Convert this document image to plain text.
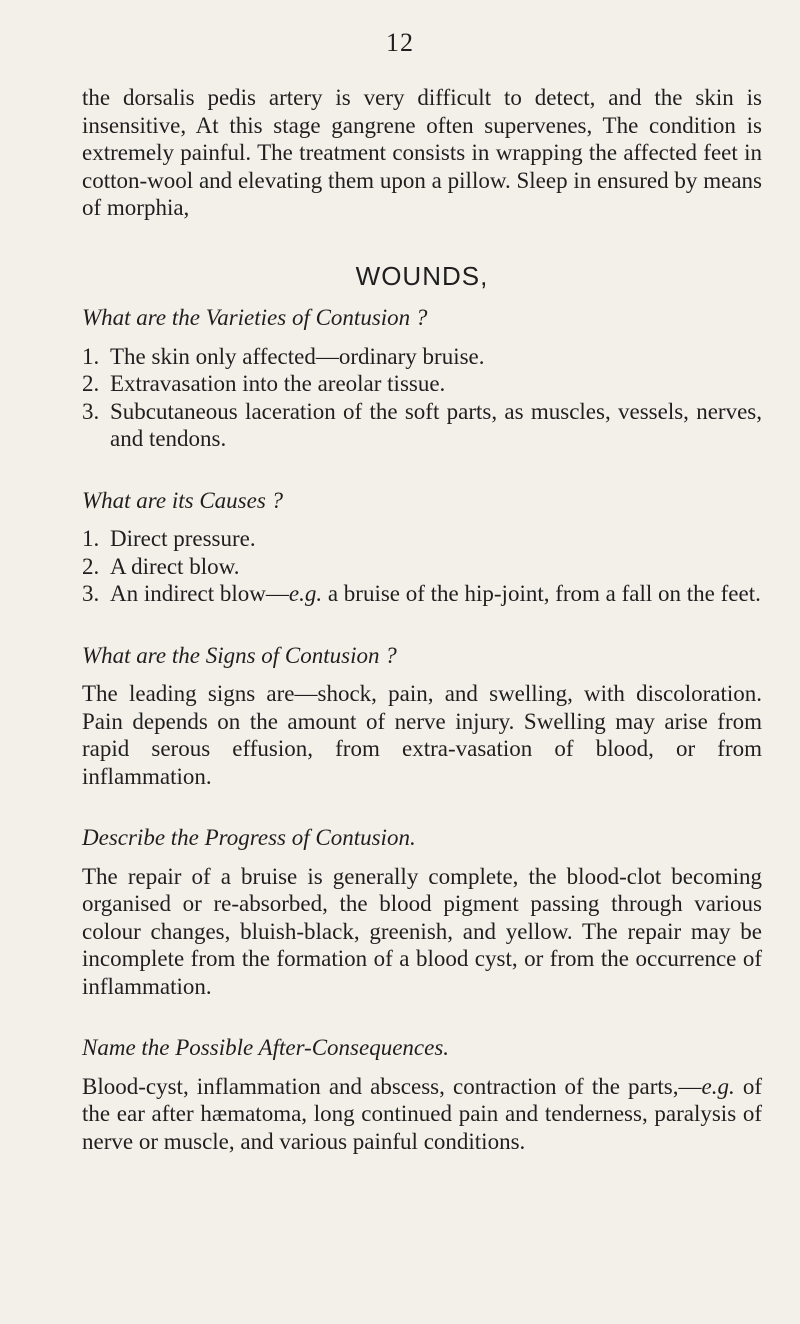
12

the dorsalis pedis artery is very difficult to detect, and the skin is insensitive, At this stage gangrene often supervenes, The condition is extremely painful. The treatment consists in wrapping the affected feet in cotton-wool and elevating them upon a pillow. Sleep in ensured by means of morphia,

WOUNDS,
What are the Varieties of Contusion ?
1. The skin only affected—ordinary bruise.
2. Extravasation into the areolar tissue.
3. Subcutaneous laceration of the soft parts, as muscles, vessels, nerves, and tendons.
What are its Causes ?
1. Direct pressure.
2. A direct blow.
3. An indirect blow—e.g. a bruise of the hip-joint, from a fall on the feet.
What are the Signs of Contusion ?

The leading signs are—shock, pain, and swelling, with discoloration. Pain depends on the amount of nerve injury. Swelling may arise from rapid serous effusion, from extra-vasation of blood, or from inflammation.

Describe the Progress of Contusion.

The repair of a bruise is generally complete, the blood-clot becoming organised or re-absorbed, the blood pigment passing through various colour changes, bluish-black, greenish, and yellow. The repair may be incomplete from the formation of a blood cyst, or from the occurrence of inflammation.

Name the Possible After-Consequences.

Blood-cyst, inflammation and abscess, contraction of the parts,—e.g. of the ear after hæmatoma, long continued pain and tenderness, paralysis of nerve or muscle, and various painful conditions.
